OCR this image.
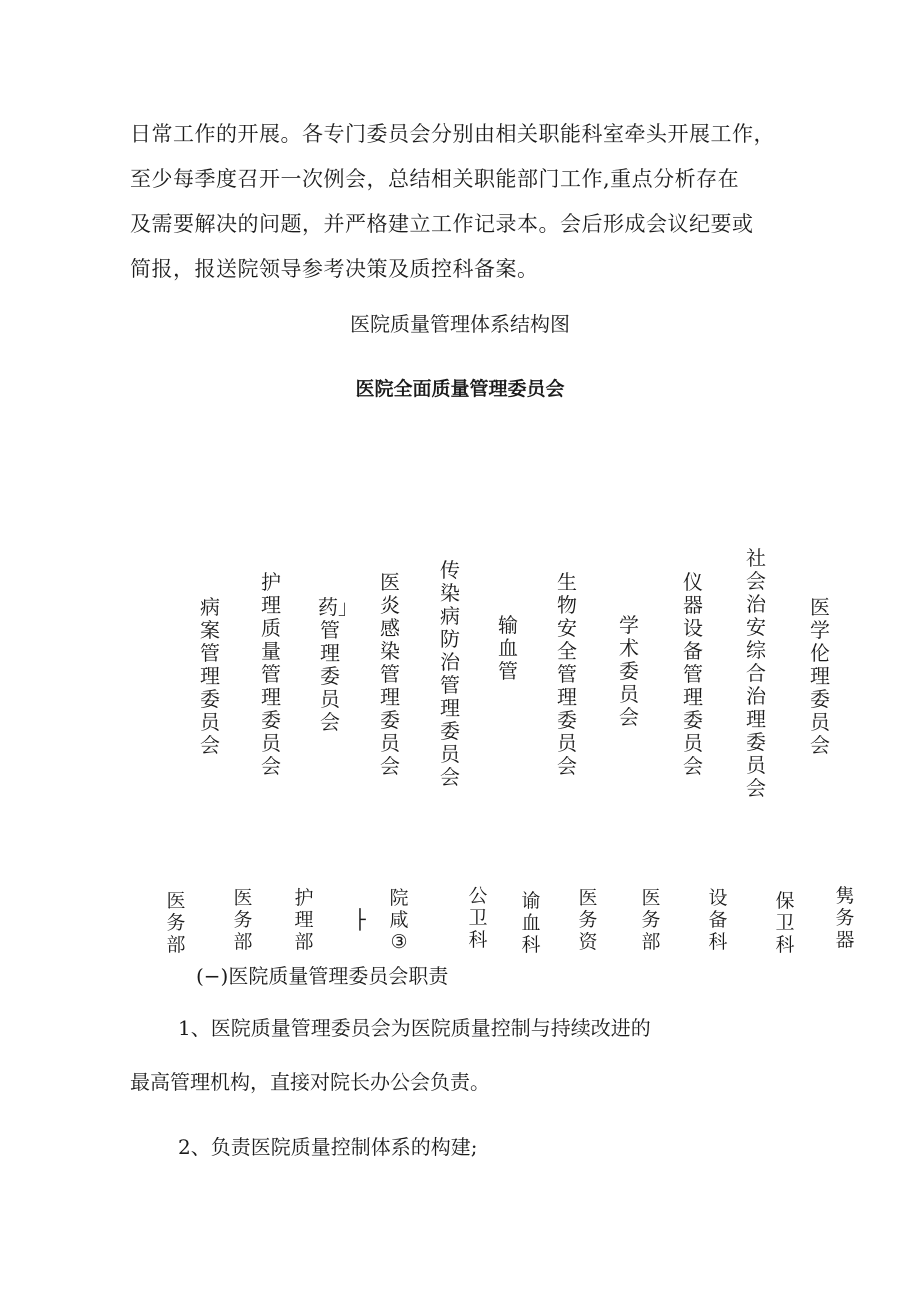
日常工作的开展。各专门委员会分别由相关职能科室牵头开展工作，
至少每季度召开一次例会，总结相关职能部门工作,重点分析存在
及需要解决的问题，并严格建立工作记录本。会后形成会议纪要或
简报，报送院领导参考决策及质控科备案。
医院质量管理体系结构图
医院全面质量管理委员会
病案管理委员会
护理质量管理委员会
药」管理委员会
医炎感染管理委员会
传染病防治管理委员会
输血管
生物安全管理委员会
学术委员会
仪器设备管理委员会
社会治安综合治理委员会
医学伦理委员会
医务部
医务部
护理部
├
院咸③
公卫科
谕血科
医务资
医务部
设备科
保卫科
隽务器
(−)医院质量管理委员会职责
1、医院质量管理委员会为医院质量控制与持续改进的
最高管理机构，直接对院长办公会负责。
2、负责医院质量控制体系的构建;
